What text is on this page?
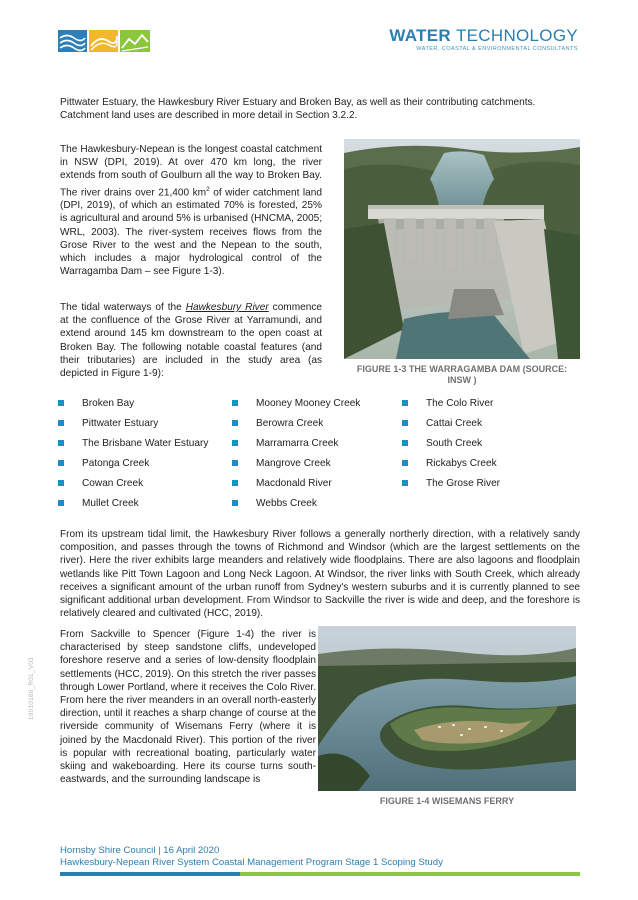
WATER TECHNOLOGY
WATER, COASTAL & ENVIRONMENTAL CONSULTANTS

Pittwater Estuary, the Hawkesbury River Estuary and Broken Bay, as well as their contributing catchments. Catchment land uses are described in more detail in Section 3.2.2.

The Hawkesbury-Nepean is the longest coastal catchment in NSW (DPI, 2019). At over 470 km long, the river extends from south of Goulburn all the way to Broken Bay. The river drains over 21,400 $km^2$ of wider catchment land (DPI, 2019), of which an estimated 70% is forested, 25% is agricultural and around 5% is urbanised (HNCMA, 2005; WRL, 2003). The river-system receives flows from the Grose River to the west and the Nepean to the south, which includes a major hydrological control of the Warragamba Dam – see Figure 1-3).

FIGURE 1-3 THE WARRAGAMBA DAM (SOURCE:
INSW )

The tidal waterways of the Hawkesbury River commence at the confluence of the Grose River at Yarramundi, and extend around 145 km downstream to the open coast at Broken Bay. The following notable coastal features (and their tributaries) are included in the study area (as depicted in Figure 1-9):

Broken Bay
Pittwater Estuary
The Brisbane Water Estuary
Patonga Creek
Cowan Creek
Mullet Creek
Mooney Mooney Creek
Berowra Creek
Marramarra Creek
Mangrove Creek
Macdonald River
Webbs Creek
The Colo River
Cattai Creek
South Creek
Rickabys Creek
The Grose River

From its upstream tidal limit, the Hawkesbury River follows a generally northerly direction, with a relatively sandy composition, and passes through the towns of Richmond and Windsor (which are the largest settlements on the river). Here the river exhibits large meanders and relatively wide floodplains. There are also lagoons and floodplain wetlands like Pitt Town Lagoon and Long Neck Lagoon. At Windsor, the river links with South Creek, which already receives a significant amount of the urban runoff from Sydney's western suburbs and it is currently planned to see significant additional urban development. From Windsor to Sackville the river is wide and deep, and the foreshore is relatively cleared and cultivated (HCC, 2019).

From Sackville to Spencer (Figure 1-4) the river is characterised by steep sandstone cliffs, undeveloped foreshore reserve and a series of low-density floodplain settlements (HCC, 2019). On this stretch the river passes through Lower Portland, where it receives the Colo River. From here the river meanders in an overall north-easterly direction, until it reaches a sharp change of course at the riverside community of Wisemans Ferry (where it is joined by the Macdonald River). This portion of the river is popular with recreational boating, particularly water skiing and wakeboarding. Here its course turns south-eastwards, and the surrounding landscape is

FIGURE 1-4 WISEMANS FERRY
19010186_R01_V03
Hornsby Shire Council | 16 April 2020
Hawkesbury-Nepean River System Coastal Management Program Stage 1 Scoping Study
